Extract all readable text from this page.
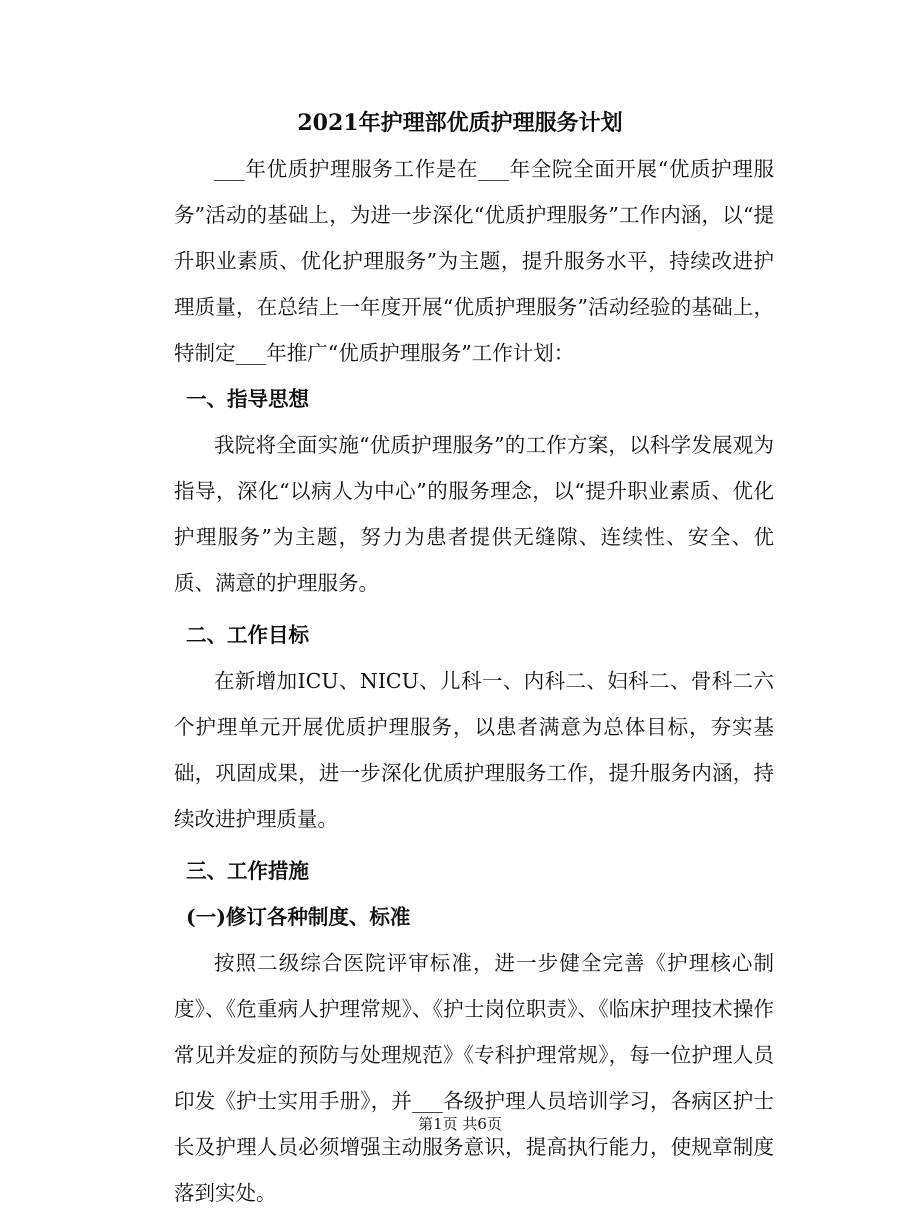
2021年护理部优质护理服务计划

___年优质护理服务工作是在___年全院全面开展“优质护理服务”活动的基础上，为进一步深化“优质护理服务”工作内涵，以“提升职业素质、优化护理服务”为主题，提升服务水平，持续改进护理质量，在总结上一年度开展“优质护理服务”活动经验的基础上，特制定___年推广“优质护理服务”工作计划：

一、指导思想

我院将全面实施“优质护理服务”的工作方案，以科学发展观为指导，深化“以病人为中心”的服务理念，以“提升职业素质、优化护理服务”为主题，努力为患者提供无缝隙、连续性、安全、优质、满意的护理服务。

二、工作目标

在新增加ICU、NICU、儿科一、内科二、妇科二、骨科二六个护理单元开展优质护理服务，以患者满意为总体目标，夯实基础，巩固成果，进一步深化优质护理服务工作，提升服务内涵，持续改进护理质量。

三、工作措施

(一)修订各种制度、标准

按照二级综合医院评审标准，进一步健全完善《护理核心制度》、《危重病人护理常规》、《护士岗位职责》、《临床护理技术操作常见并发症的预防与处理规范》《专科护理常规》，每一位护理人员印发《护士实用手册》，并___各级护理人员培训学习，各病区护士长及护理人员必须增强主动服务意识，提高执行能力，使规章制度落到实处。

第1页 共6页
